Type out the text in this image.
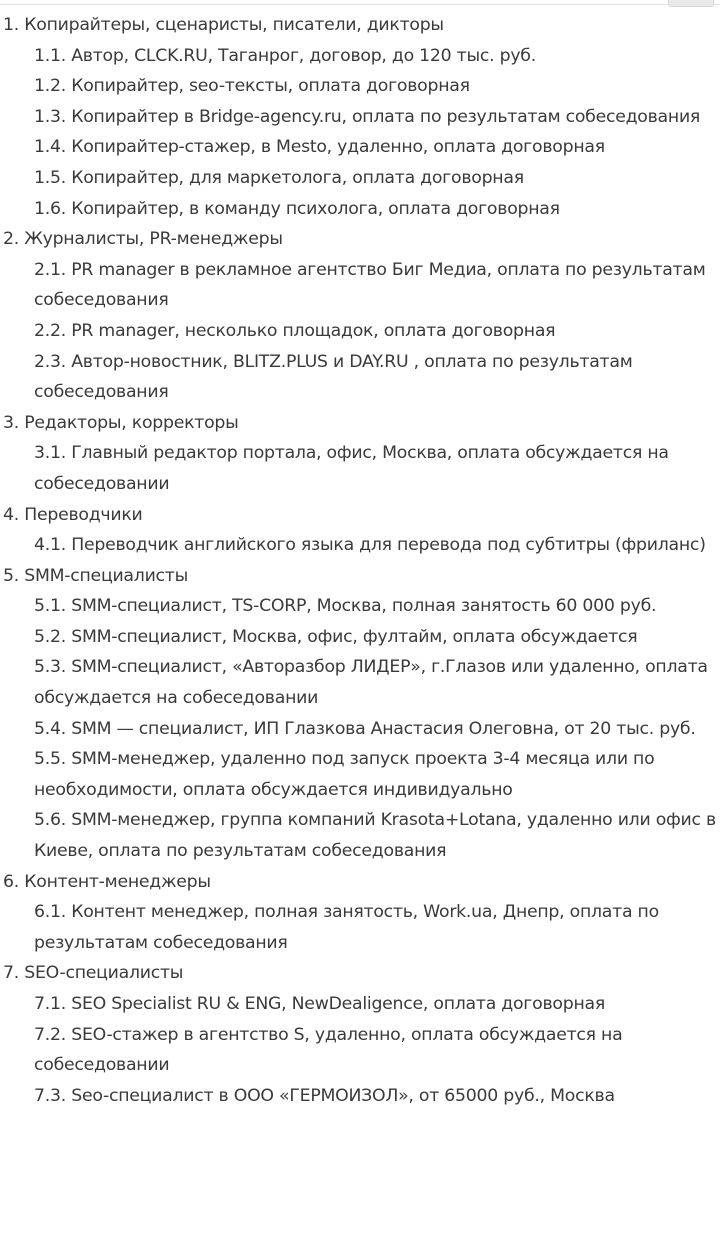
1. Копирайтеры, сценаристы, писатели, дикторы
1.1. Автор, CLCK.RU, Таганрог, договор, до 120 тыс. руб.
1.2. Копирайтер, seo-тексты, оплата договорная
1.3. Копирайтер в Bridge-agency.ru, оплата по результатам собеседования
1.4. Копирайтер-стажер, в Mesto, удаленно, оплата договорная
1.5. Копирайтер, для маркетолога, оплата договорная
1.6. Копирайтер, в команду психолога, оплата договорная
2. Журналисты, PR-менеджеры
2.1. PR manager в рекламное агентство Биг Медиа, оплата по результатам собеседования
2.2. PR manager, несколько площадок, оплата договорная
2.3. Автор-новостник, BLITZ.PLUS и DAY.RU , оплата по результатам собеседования
3. Редакторы, корректоры
3.1. Главный редактор портала, офис, Москва, оплата обсуждается на собеседовании
4. Переводчики
4.1. Переводчик английского языка для перевода под субтитры (фриланс)
5. SMM-специалисты
5.1. SMM-специалист, TS-CORP, Москва, полная занятость 60 000 руб.
5.2. SMM-специалист, Москва, офис, фултайм, оплата обсуждается
5.3. SMM-специалист, «Авторазбор ЛИДЕР», г.Глазов или удаленно, оплата обсуждается на собеседовании
5.4. SMM — специалист, ИП Глазкова Анастасия Олеговна, от 20 тыс. руб.
5.5. SMM-менеджер, удаленно под запуск проекта 3-4 месяца или по необходимости, оплата обсуждается индивидуально
5.6. SMM-менеджер, группа компаний Krasota+Lotana, удаленно или офис в Киеве, оплата по результатам собеседования
6. Контент-менеджеры
6.1. Контент менеджер, полная занятость, Work.ua, Днепр, оплата по результатам собеседования
7. SEO-специалисты
7.1. SEO Specialist RU & ENG, NewDealigence, оплата договорная
7.2. SEO-стажер в агентство S, удаленно, оплата обсуждается на собеседовании
7.3. Seo-специалист в ООО «ГЕРМОИЗОЛ», от 65000 руб., Москва
